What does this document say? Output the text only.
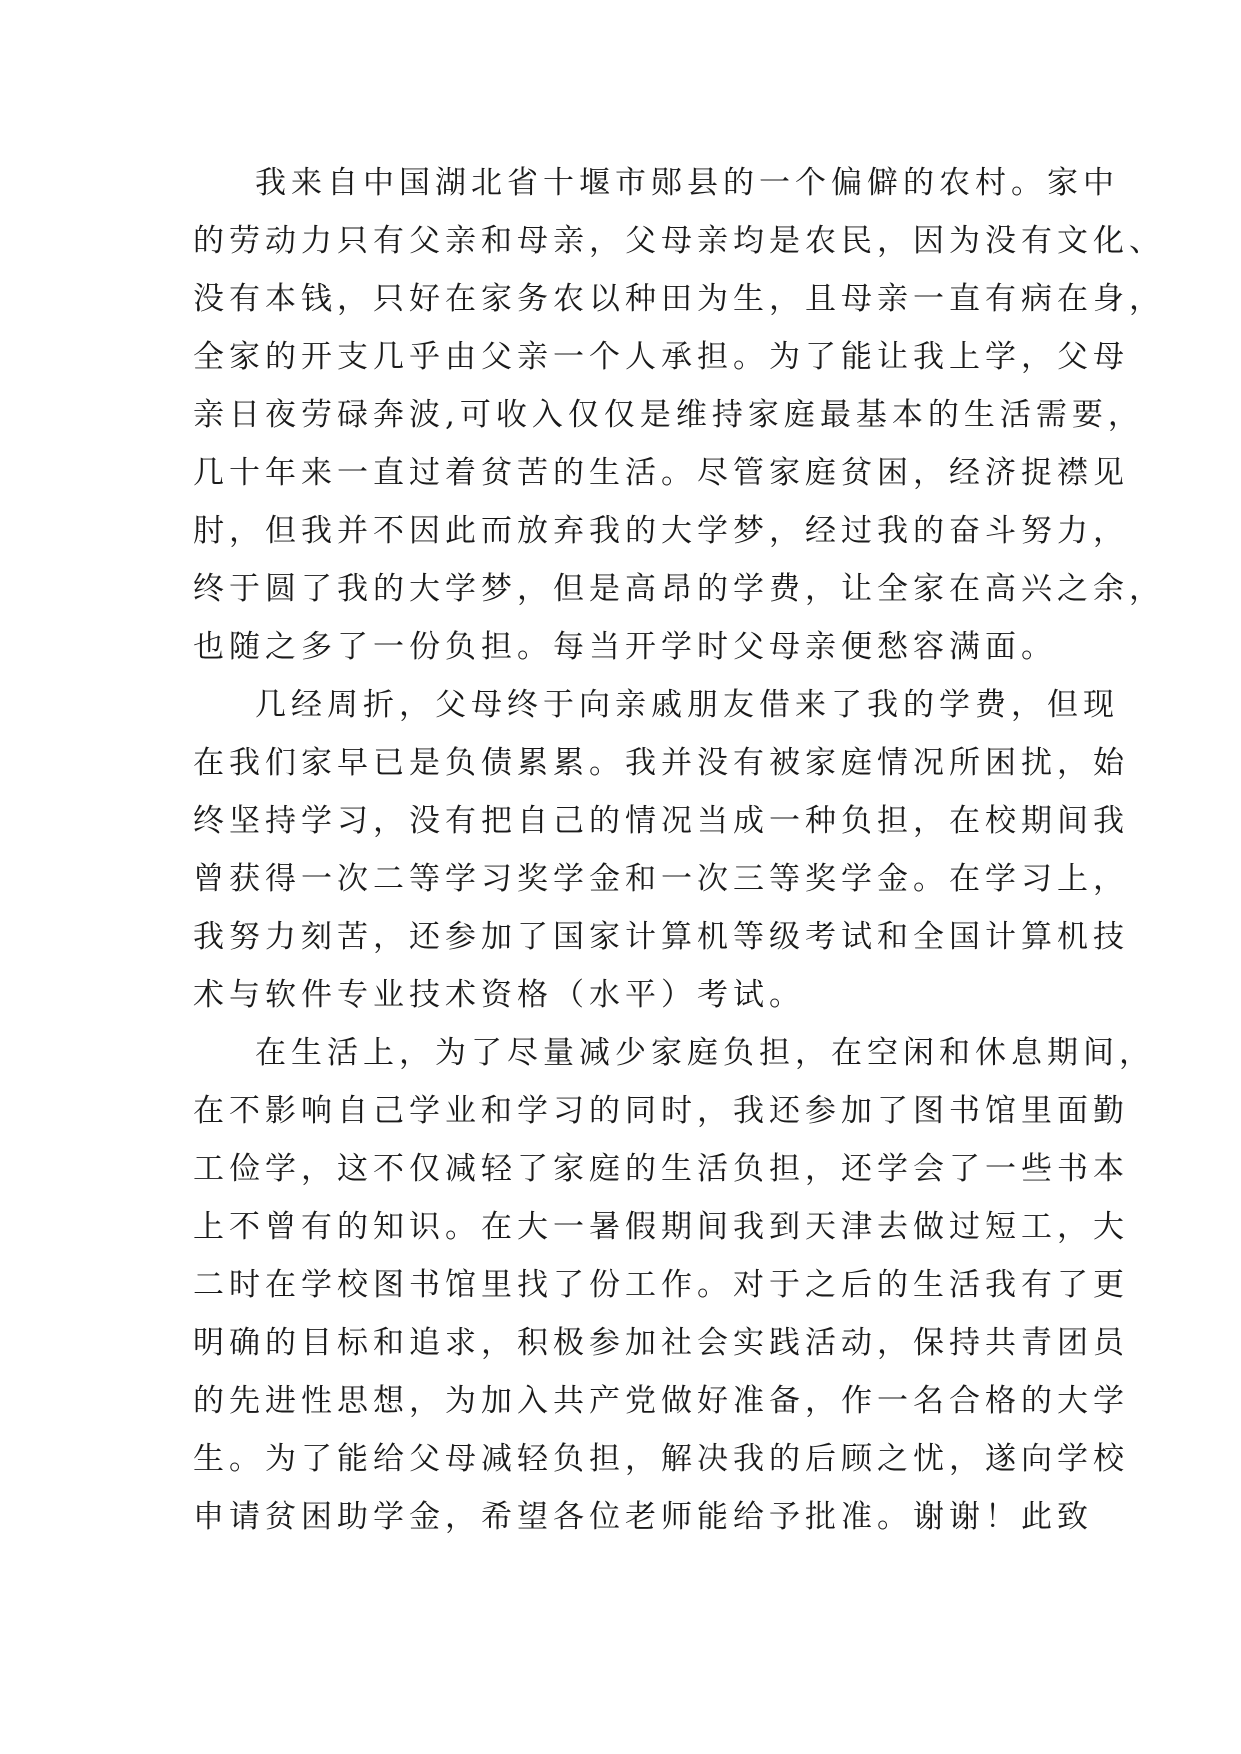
我来自中国湖北省十堰市郧县的一个偏僻的农村。家中
的劳动力只有父亲和母亲，父母亲均是农民，因为没有文化、
没有本钱，只好在家务农以种田为生，且母亲一直有病在身，
全家的开支几乎由父亲一个人承担。为了能让我上学，父母
亲日夜劳碌奔波,可收入仅仅是维持家庭最基本的生活需要，
几十年来一直过着贫苦的生活。尽管家庭贫困，经济捉襟见
肘，但我并不因此而放弃我的大学梦，经过我的奋斗努力，
终于圆了我的大学梦，但是高昂的学费，让全家在高兴之余，
也随之多了一份负担。每当开学时父母亲便愁容满面。
几经周折，父母终于向亲戚朋友借来了我的学费，但现
在我们家早已是负债累累。我并没有被家庭情况所困扰，始
终坚持学习，没有把自己的情况当成一种负担，在校期间我
曾获得一次二等学习奖学金和一次三等奖学金。在学习上，
我努力刻苦，还参加了国家计算机等级考试和全国计算机技
术与软件专业技术资格（水平）考试。
在生活上，为了尽量减少家庭负担，在空闲和休息期间，
在不影响自己学业和学习的同时，我还参加了图书馆里面勤
工俭学，这不仅减轻了家庭的生活负担，还学会了一些书本
上不曾有的知识。在大一暑假期间我到天津去做过短工，大
二时在学校图书馆里找了份工作。对于之后的生活我有了更
明确的目标和追求，积极参加社会实践活动，保持共青团员
的先进性思想，为加入共产党做好准备，作一名合格的大学
生。为了能给父母减轻负担，解决我的后顾之忧，遂向学校
申请贫困助学金，希望各位老师能给予批准。谢谢！此致
